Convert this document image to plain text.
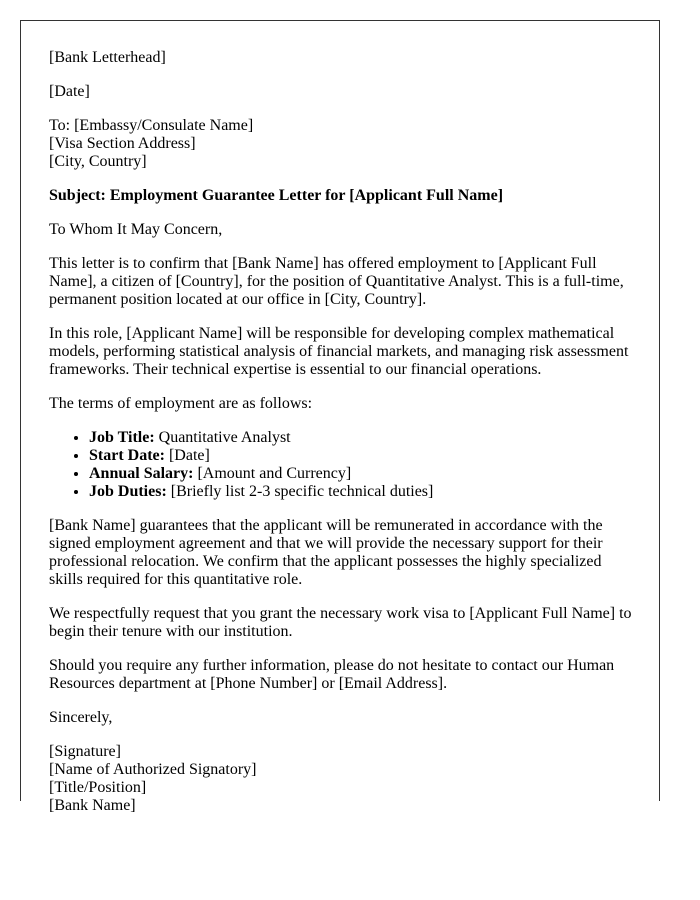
[Bank Letterhead]

[Date]

To: [Embassy/Consulate Name]
[Visa Section Address]
[City, Country]

Subject: Employment Guarantee Letter for [Applicant Full Name]

To Whom It May Concern,

This letter is to confirm that [Bank Name] has offered employment to [Applicant Full Name], a citizen of [Country], for the position of Quantitative Analyst. This is a full-time, permanent position located at our office in [City, Country].

In this role, [Applicant Name] will be responsible for developing complex mathematical models, performing statistical analysis of financial markets, and managing risk assessment frameworks. Their technical expertise is essential to our financial operations.

The terms of employment are as follows:

• Job Title: Quantitative Analyst
• Start Date: [Date]
• Annual Salary: [Amount and Currency]
• Job Duties: [Briefly list 2-3 specific technical duties]

[Bank Name] guarantees that the applicant will be remunerated in accordance with the signed employment agreement and that we will provide the necessary support for their professional relocation. We confirm that the applicant possesses the highly specialized skills required for this quantitative role.

We respectfully request that you grant the necessary work visa to [Applicant Full Name] to begin their tenure with our institution.

Should you require any further information, please do not hesitate to contact our Human Resources department at [Phone Number] or [Email Address].

Sincerely,

[Signature]
[Name of Authorized Signatory]
[Title/Position]
[Bank Name]
